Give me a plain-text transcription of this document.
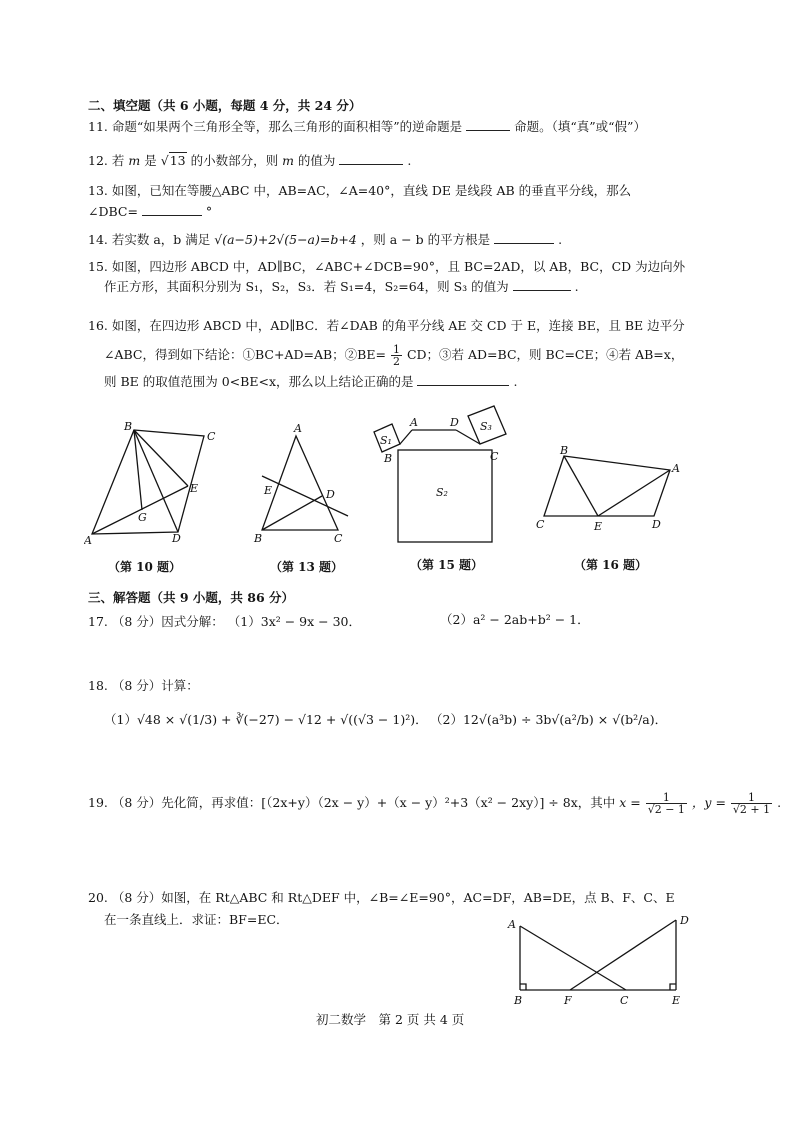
二、填空题（共 6 小题，每题 4 分，共 24 分）
11. 命题“如果两个三角形全等，那么三角形的面积相等”的逆命题是	命题。（填“真”或“假”）
12. 若 m 是 √13 的小数部分，则 m 的值为	.
13. 如图，已知在等腰△ABC 中，AB=AC，∠A=40°，直线 DE 是线段 AB 的垂直平分线，那么
∠DBC=	°
14. 若实数 a，b 满足 √(a−5)+2√(5−a)=b+4 ，则 a − b 的平方根是	.
15. 如图，四边形 ABCD 中，AD∥BC，∠ABC+∠DCB=90°，且 BC=2AD，以 AB，BC，CD 为边向外
作正方形，其面积分别为 S₁，S₂，S₃．若 S₁=4，S₂=64，则 S₃ 的值为	.
16. 如图，在四边形 ABCD 中，AD∥BC．若∠DAB 的角平分线 AE 交 CD 于 E，连接 BE，且 BE 边平分
∠ABC，得到如下结论：①BC+AD=AB；②BE= $\frac{1}{2}$ CD；③若 AD=BC，则 BC=CE；④若 AB=x，
则 BE 的取值范围为 0<BE<x，那么以上结论正确的是	.
B
C
E
G
A	D
（第 10 题）
A
E	D
B	C
（第 13 题）
S₁
A	D S₃
B	C
S₂
（第 15 题）
B
A
C	E	D
（第 16 题）
三、解答题（共 9 小题，共 86 分）
17. （8 分）因式分解： （1）3x² − 9x − 30．	（2）a² − 2ab+b² − 1．
18. （8 分）计算：
（1）√48 × √(1/3) + ∛(−27) − √12 + √((√3 − 1)²)． （2）12√(a³b) ÷ 3b√(a²/b) × √(b²/a)．
19. （8 分）先化简，再求值：[（2x+y）（2x − y）+（x − y）²+3（x² − 2xy）] ÷ 8x，其中 $x = \frac{1}{√2 - 1}$ ，$y = \frac{1}{√2 + 1}$ .
20. （8 分）如图，在 Rt△ABC 和 Rt△DEF 中，∠B=∠E=90°，AC=DF，AB=DE，点 B、F、C、E
在一条直线上．求证：BF=EC．	A	D
B	F	C	E
初二数学　第 2 页 共 4 页
